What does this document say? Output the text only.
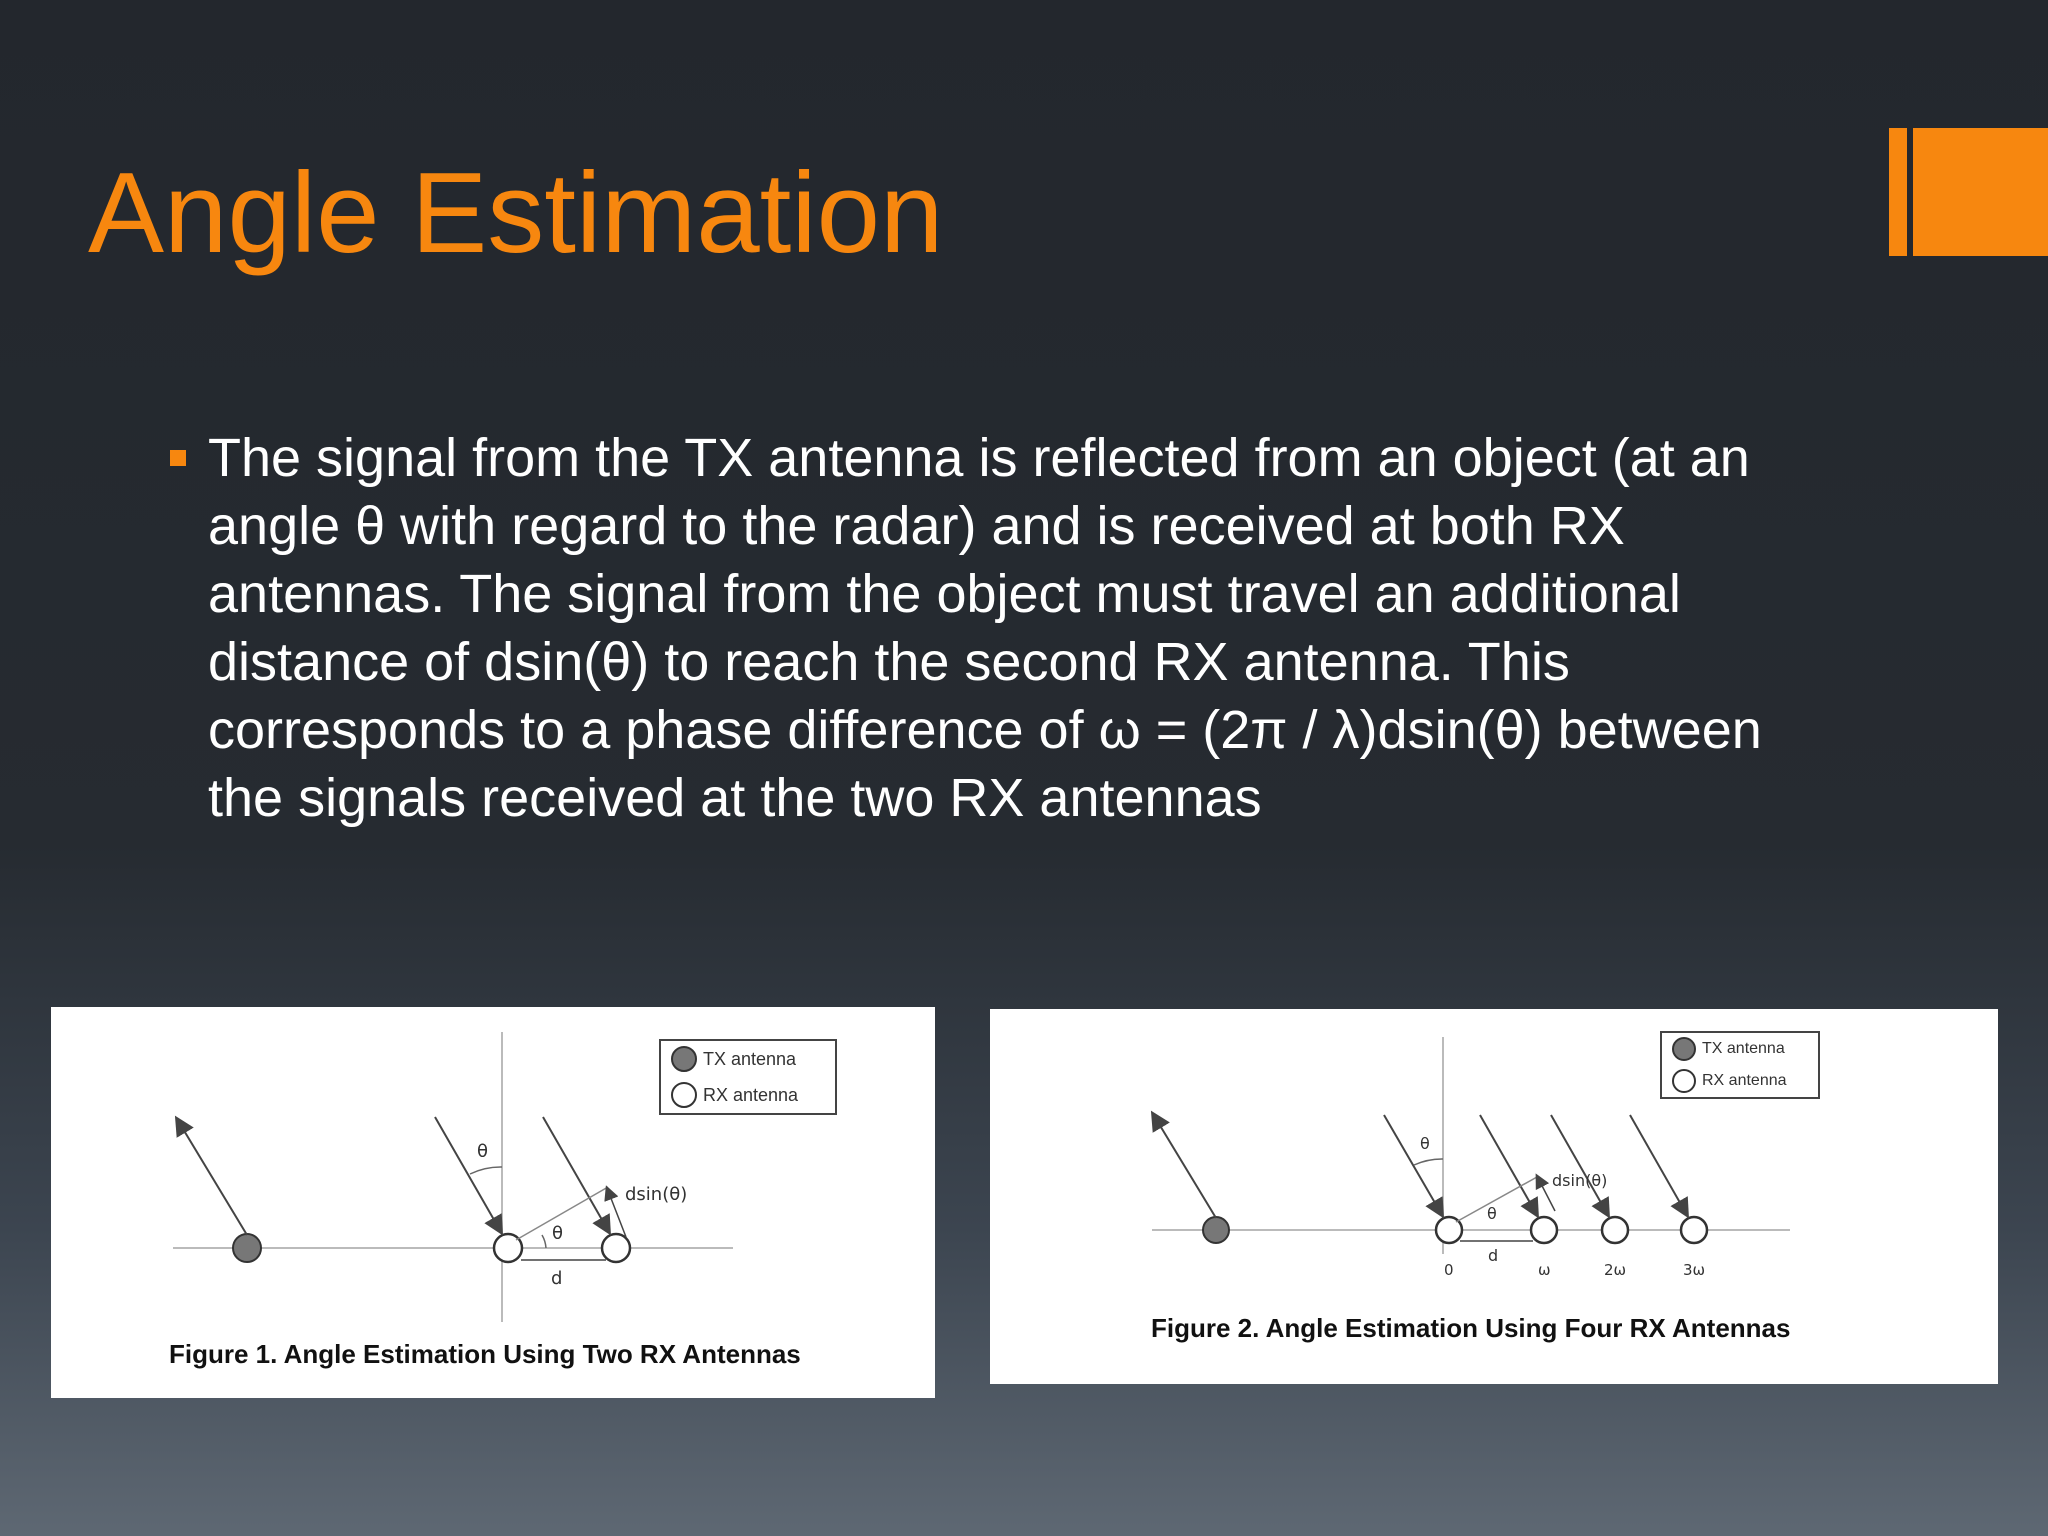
Angle Estimation

The signal from the TX antenna is reflected from an object (at an angle θ with regard to the radar) and is received at both RX antennas. The signal from the object must travel an additional distance of dsin(θ) to reach the second RX antenna. This corresponds to a phase difference of ω = (2π / λ)dsin(θ) between the signals received at the two RX antennas

θ
θ
d
dsin(θ)
TX antenna
RX antenna
Figure 1. Angle Estimation Using Two RX Antennas
θ
θ
d
dsin(θ)
0	ω	2ω	3ω
TX antenna
RX antenna
Figure 2. Angle Estimation Using Four RX Antennas
